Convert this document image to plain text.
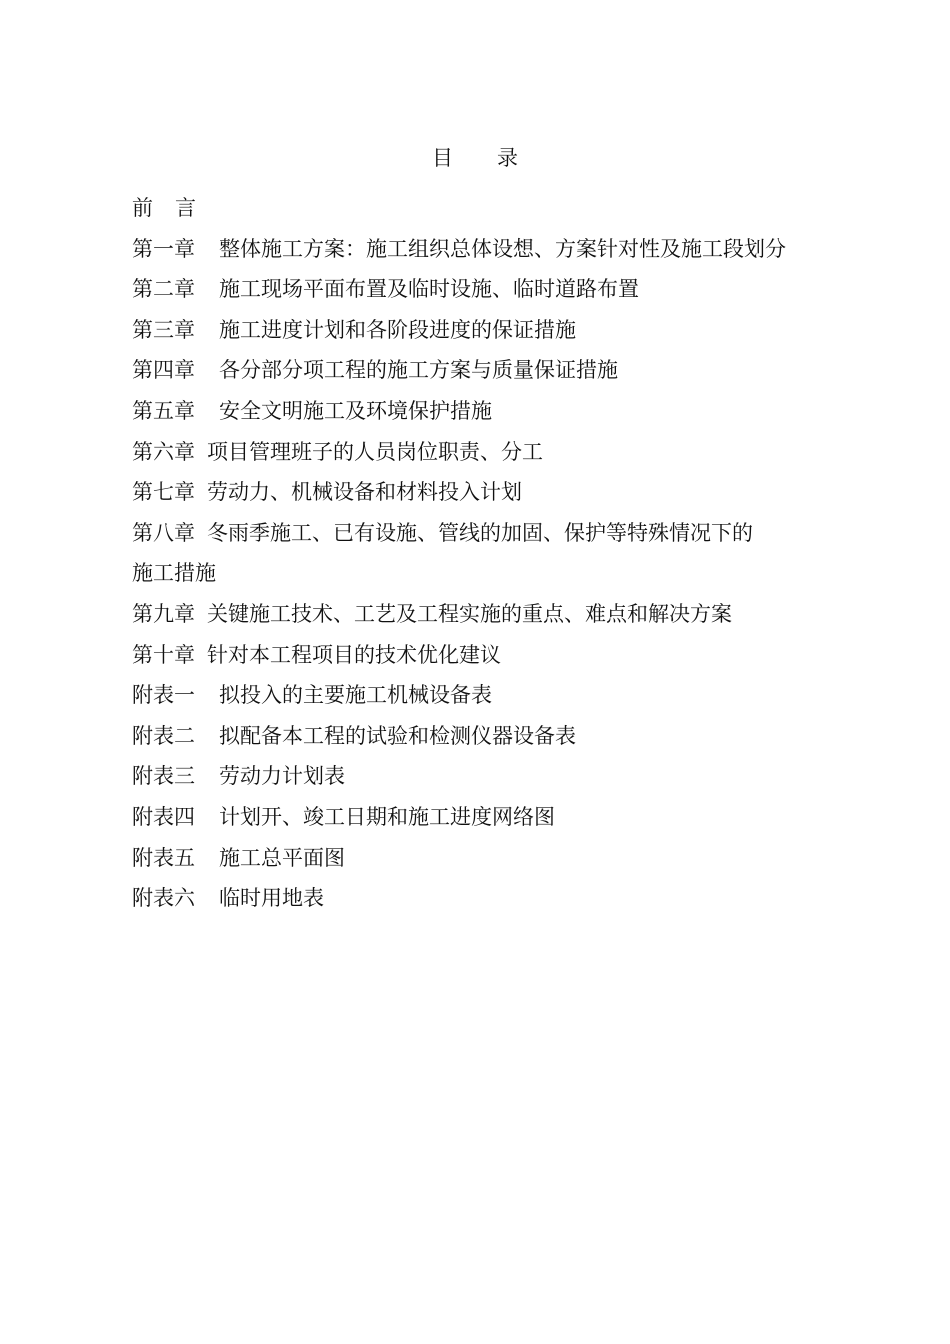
目 录
前 言
第一章 整体施工方案：施工组织总体设想、方案针对性及施工段划分
第二章 施工现场平面布置及临时设施、临时道路布置
第三章 施工进度计划和各阶段进度的保证措施
第四章 各分部分项工程的施工方案与质量保证措施
第五章 安全文明施工及环境保护措施
第六章 项目管理班子的人员岗位职责、分工
第七章 劳动力、机械设备和材料投入计划
第八章 冬雨季施工、已有设施、管线的加固、保护等特殊情况下的
施工措施
第九章 关键施工技术、工艺及工程实施的重点、难点和解决方案
第十章 针对本工程项目的技术优化建议
附表一 拟投入的主要施工机械设备表
附表二 拟配备本工程的试验和检测仪器设备表
附表三 劳动力计划表
附表四 计划开、竣工日期和施工进度网络图
附表五 施工总平面图
附表六 临时用地表
